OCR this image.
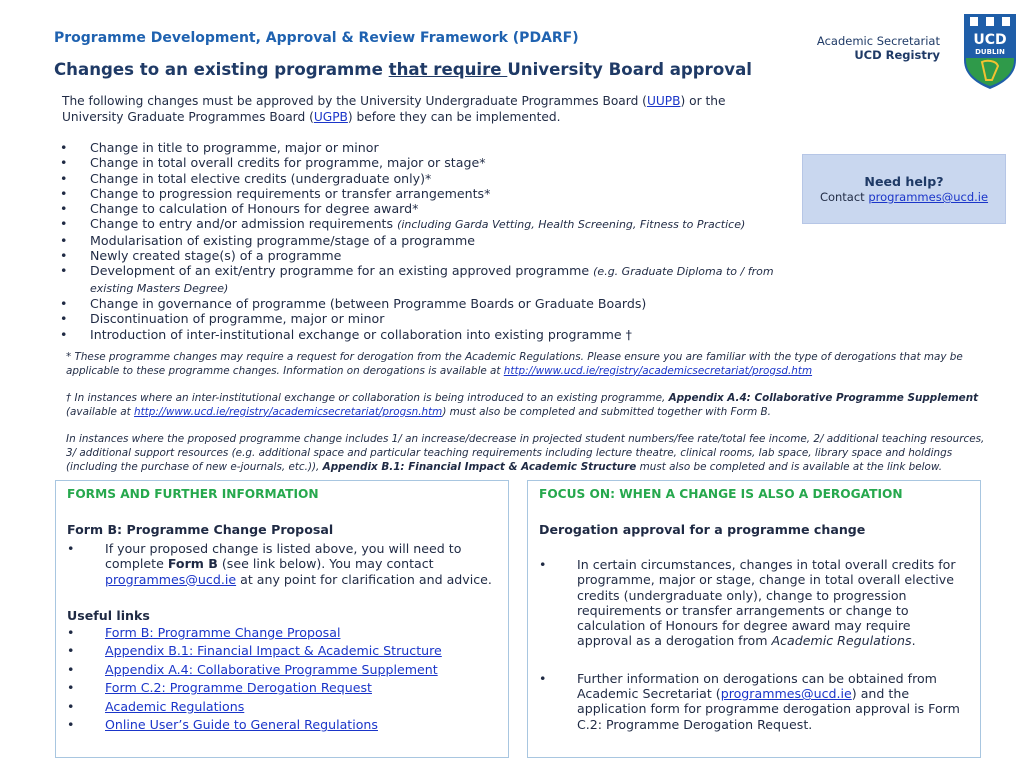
Programme Development, Approval & Review Framework (PDARF)
Changes to an existing programme that require University Board approval
Academic Secretariat
UCD Registry
UCD
DUBLIN
The following changes must be approved by the University Undergraduate Programmes Board (UUPB) or the University Graduate Programmes Board (UGPB) before they can be implemented.
• Change in title to programme, major or minor
• Change in total overall credits for programme, major or stage*
• Change in total elective credits (undergraduate only)*
• Change to progression requirements or transfer arrangements*
• Change to calculation of Honours for degree award*
• Change to entry and/or admission requirements (including Garda Vetting, Health Screening, Fitness to Practice)
• Modularisation of existing programme/stage of a programme
• Newly created stage(s) of a programme
• Development of an exit/entry programme for an existing approved programme (e.g. Graduate Diploma to / from existing Masters Degree)
• Change in governance of programme (between Programme Boards or Graduate Boards)
• Discontinuation of programme, major or minor
• Introduction of inter-institutional exchange or collaboration into existing programme †
Need help?
Contact programmes@ucd.ie

* These programme changes may require a request for derogation from the Academic Regulations. Please ensure you are familiar with the type of derogations that may be applicable to these programme changes. Information on derogations is available at http://www.ucd.ie/registry/academicsecretariat/progsd.htm

† In instances where an inter-institutional exchange or collaboration is being introduced to an existing programme, Appendix A.4: Collaborative Programme Supplement (available at http://www.ucd.ie/registry/academicsecretariat/progsn.htm) must also be completed and submitted together with Form B.

In instances where the proposed programme change includes 1/ an increase/decrease in projected student numbers/fee rate/total fee income, 2/ additional teaching resources, 3/ additional support resources (e.g. additional space and particular teaching requirements including lecture theatre, clinical rooms, lab space, library space and holdings (including the purchase of new e-journals, etc.)), Appendix B.1: Financial Impact & Academic Structure must also be completed and is available at the link below.

FORMS AND FURTHER INFORMATION
Form B: Programme Change Proposal
• If your proposed change is listed above, you will need to complete Form B (see link below). You may contact programmes@ucd.ie at any point for clarification and advice.
Useful links
• Form B: Programme Change Proposal
• Appendix B.1: Financial Impact & Academic Structure
• Appendix A.4: Collaborative Programme Supplement
• Form C.2: Programme Derogation Request
• Academic Regulations
• Online User’s Guide to General Regulations
FOCUS ON: WHEN A CHANGE IS ALSO A DEROGATION
Derogation approval for a programme change
• In certain circumstances, changes in total overall credits for programme, major or stage, change in total overall elective credits (undergraduate only), change to progression requirements or transfer arrangements or change to calculation of Honours for degree award may require approval as a derogation from Academic Regulations.
• Further information on derogations can be obtained from Academic Secretariat (programmes@ucd.ie) and the application form for programme derogation approval is Form C.2: Programme Derogation Request.
